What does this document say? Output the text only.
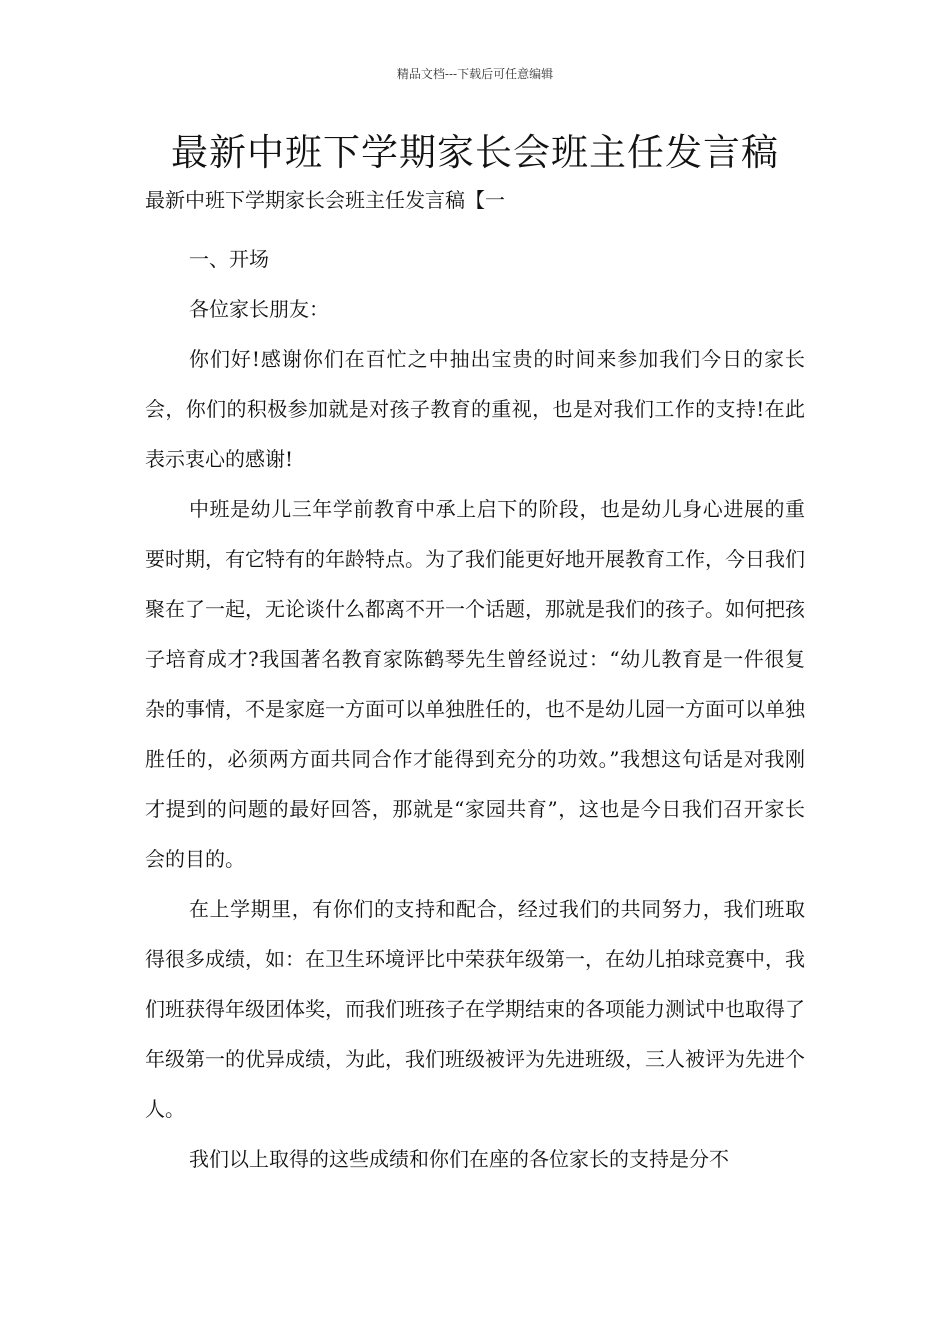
精品文档---下载后可任意编辑
最新中班下学期家长会班主任发言稿
最新中班下学期家长会班主任发言稿【一

一、开场

各位家长朋友：

你们好!感谢你们在百忙之中抽出宝贵的时间来参加我们今日的家长会，你们的积极参加就是对孩子教育的重视，也是对我们工作的支持!在此表示衷心的感谢!

中班是幼儿三年学前教育中承上启下的阶段，也是幼儿身心进展的重要时期，有它特有的年龄特点。为了我们能更好地开展教育工作，今日我们聚在了一起，无论谈什么都离不开一个话题，那就是我们的孩子。如何把孩子培育成才?我国著名教育家陈鹤琴先生曾经说过：“幼儿教育是一件很复杂的事情，不是家庭一方面可以单独胜任的，也不是幼儿园一方面可以单独胜任的，必须两方面共同合作才能得到充分的功效。”我想这句话是对我刚才提到的问题的最好回答，那就是“家园共育”，这也是今日我们召开家长会的目的。

在上学期里，有你们的支持和配合，经过我们的共同努力，我们班取得很多成绩，如：在卫生环境评比中荣获年级第一，在幼儿拍球竞赛中，我们班获得年级团体奖，而我们班孩子在学期结束的各项能力测试中也取得了年级第一的优异成绩，为此，我们班级被评为先进班级，三人被评为先进个人。

我们以上取得的这些成绩和你们在座的各位家长的支持是分不
